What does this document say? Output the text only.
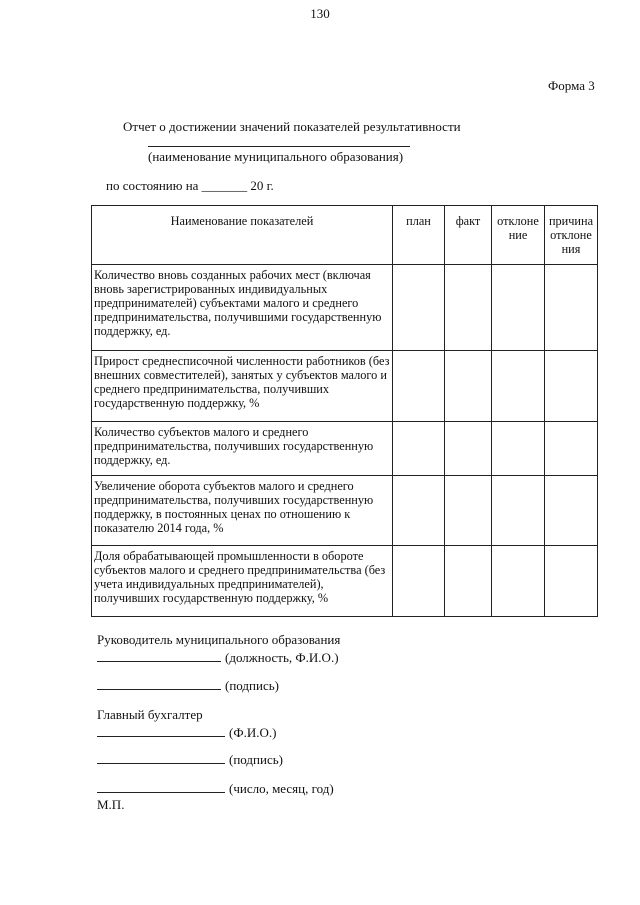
130
Форма 3
Отчет о достижении значений показателей результативности
(наименование муниципального образования)
по состоянию на _______ 20 г.
Наименование показателей	план	факт	отклоне ние	причина отклоне ния
Количество вновь созданных рабочих мест (включая вновь зарегистрированных индивидуальных предпринимателей) субъектами малого и среднего предпринимательства, получившими государственную поддержку, ед.				
Прирост среднесписочной численности работников (без внешних совместителей), занятых у субъектов малого и среднего предпринимательства, получивших государственную поддержку, %				
Количество субъектов малого и среднего предпринимательства, получивших государственную поддержку, ед.				
Увеличение оборота субъектов малого и среднего предпринимательства, получивших государственную поддержку, в постоянных ценах по отношению к показателю 2014 года, %				
Доля обрабатывающей промышленности в обороте субъектов малого и среднего предпринимательства (без учета индивидуальных предпринимателей), получивших государственную поддержку, %				
Руководитель муниципального образования
(должность, Ф.И.О.)
(подпись)
Главный бухгалтер
(Ф.И.О.)
(подпись)
(число, месяц, год)
М.П.
